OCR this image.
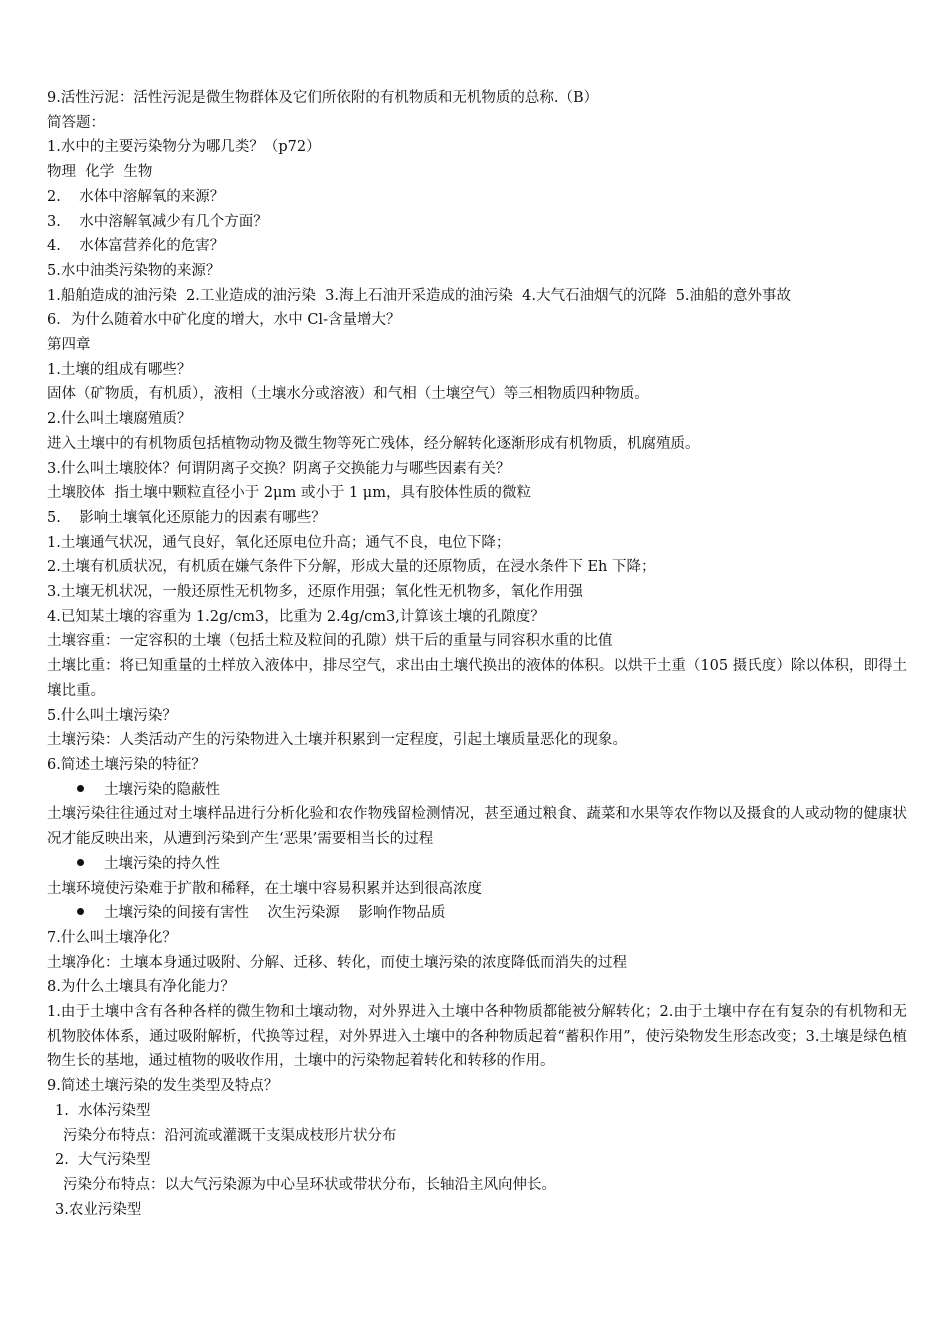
9.活性污泥：活性污泥是微生物群体及它们所依附的有机物质和无机物质的总称.（B）

简答题：

1.水中的主要污染物分为哪几类？（p72）

物理  化学  生物

2.    水体中溶解氧的来源？

3.    水中溶解氧减少有几个方面？

4.    水体富营养化的危害？

5.水中油类污染物的来源？

1.船舶造成的油污染  2.工业造成的油污染  3.海上石油开采造成的油污染  4.大气石油烟气的沉降  5.油船的意外事故

6．为什么随着水中矿化度的增大，水中 Cl-含量增大？

第四章

1.土壤的组成有哪些？

固体（矿物质，有机质），液相（土壤水分或溶液）和气相（土壤空气）等三相物质四种物质。

2.什么叫土壤腐殖质？

进入土壤中的有机物质包括植物动物及微生物等死亡残体，经分解转化逐渐形成有机物质，机腐殖质。

3.什么叫土壤胶体？何谓阴离子交换？阴离子交换能力与哪些因素有关？

土壤胶体  指土壤中颗粒直径小于 2μm 或小于 1 μm，具有胶体性质的微粒

5.    影响土壤氧化还原能力的因素有哪些？

1.土壤通气状况，通气良好，氧化还原电位升高；通气不良，电位下降；

2.土壤有机质状况，有机质在嫌气条件下分解，形成大量的还原物质，在浸水条件下 Eh 下降；

3.土壤无机状况，一般还原性无机物多，还原作用强；氧化性无机物多，氧化作用强

4.已知某土壤的容重为 1.2g/cm3，比重为 2.4g/cm3,计算该土壤的孔隙度？

土壤容重：一定容积的土壤（包括土粒及粒间的孔隙）烘干后的重量与同容积水重的比值

土壤比重：将已知重量的土样放入液体中，排尽空气，求出由土壤代换出的液体的体积。以烘干土重（105 摄氏度）除以体积，即得土壤比重。

5.什么叫土壤污染？

土壤污染：人类活动产生的污染物进入土壤并积累到一定程度，引起土壤质量恶化的现象。

6.简述土壤污染的特征？

土壤污染的隐蔽性

土壤污染往往通过对土壤样品进行分析化验和农作物残留检测情况，甚至通过粮食、蔬菜和水果等农作物以及摄食的人或动物的健康状况才能反映出来，从遭到污染到产生‘恶果’需要相当长的过程

土壤污染的持久性

土壤环境使污染难于扩散和稀释，在土壤中容易积累并达到很高浓度

土壤污染的间接有害性    次生污染源    影响作物品质

7.什么叫土壤净化？

土壤净化：土壤本身通过吸附、分解、迁移、转化，而使土壤污染的浓度降低而消失的过程

8.为什么土壤具有净化能力？

1.由于土壤中含有各种各样的微生物和土壤动物，对外界进入土壤中各种物质都能被分解转化；2.由于土壤中存在有复杂的有机物和无机物胶体体系，通过吸附解析，代换等过程，对外界进入土壤中的各种物质起着“蓄积作用”，使污染物发生形态改变；3.土壤是绿色植物生长的基地，通过植物的吸收作用，土壤中的污染物起着转化和转移的作用。

9.简述土壤污染的发生类型及特点？

1.  水体污染型

污染分布特点：沿河流或灌溉干支渠成枝形片状分布

2.  大气污染型

污染分布特点：以大气污染源为中心呈环状或带状分布，长轴沿主风向伸长。

3.农业污染型
